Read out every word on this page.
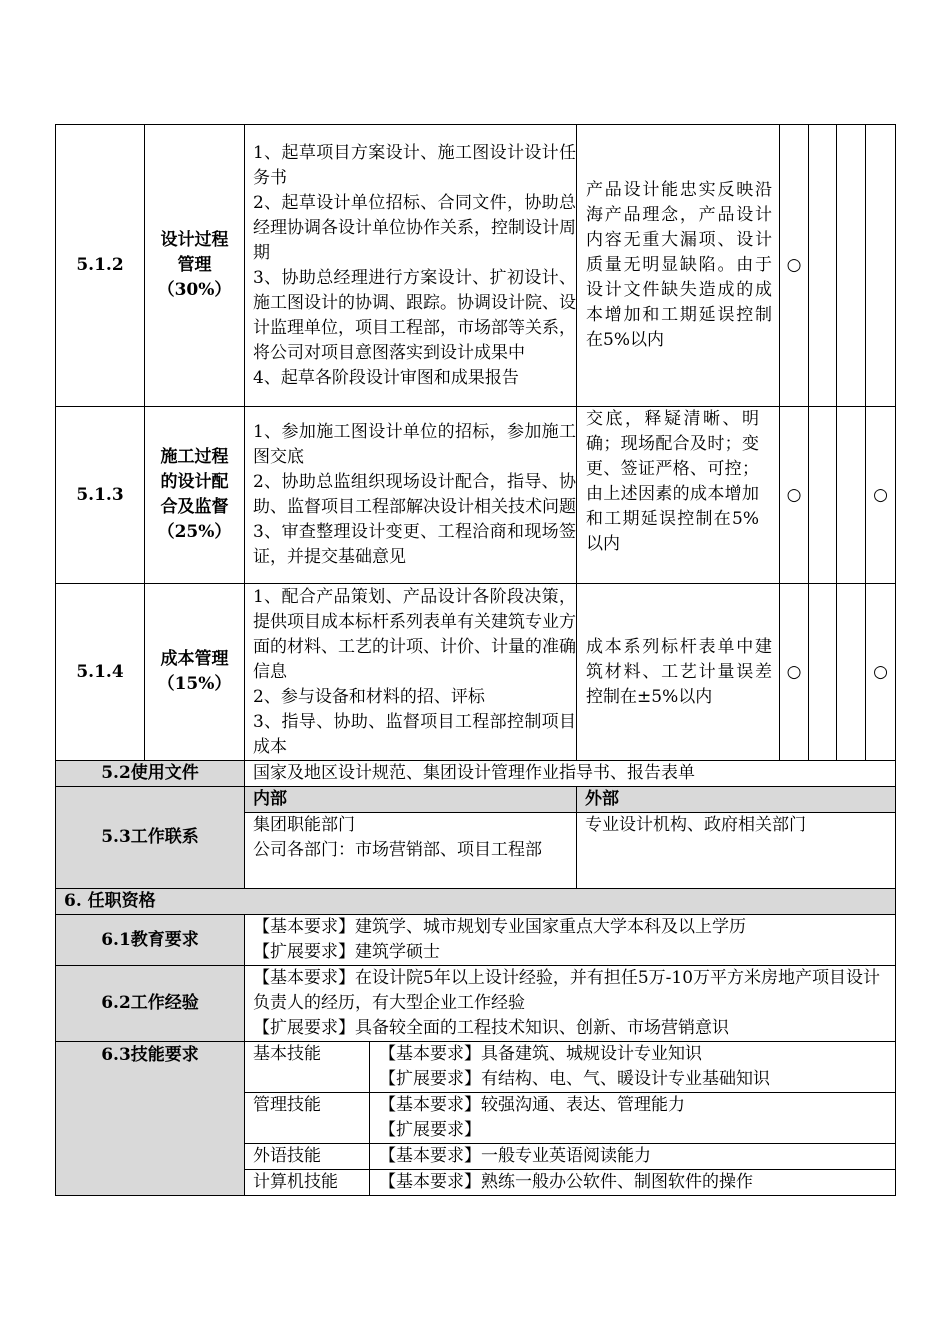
5.1.2	设计过程
管理
（30%）	1、起草项目方案设计、施工图设计设计任务书
2、起草设计单位招标、合同文件，协助总经理协调各设计单位协作关系，控制设计周期
3、协助总经理进行方案设计、扩初设计、施工图设计的协调、跟踪。协调设计院、设计监理单位，项目工程部，市场部等关系，将公司对项目意图落实到设计成果中
4、起草各阶段设计审图和成果报告		产品设计能忠实反映沿海产品理念，产品设计内容无重大漏项、设计质量无明显缺陷。由于设计文件缺失造成的成本增加和工期延误控制在5%以内	○			
5.1.3	施工过程
的设计配
合及监督
（25%）	1、参加施工图设计单位的招标，参加施工图交底
2、协助总监组织现场设计配合，指导、协助、监督项目工程部解决设计相关技术问题
3、审查整理设计变更、工程洽商和现场签证，并提交基础意见		交底，释疑清晰、明确；现场配合及时；变更、签证严格、可控；由上述因素的成本增加和工期延误控制在5%以内	○			○
5.1.4	成本管理
（15%）	1、配合产品策划、产品设计各阶段决策，提供项目成本标杆系列表单有关建筑专业方面的材料、工艺的计项、计价、计量的准确信息
2、参与设备和材料的招、评标
3、指导、协助、监督项目工程部控制项目成本		成本系列标杆表单中建筑材料、工艺计量误差控制在±5%以内	○			○
5.2使用文件		国家及地区设计规范、集团设计管理作业指导书、报告表单						
5.3工作联系		内部		外部				

		集团职能部门
公司各部门：市场营销部、项目工程部		专业设计机构、政府相关部门				
6. 任职资格								
6.1教育要求		【基本要求】建筑学、城市规划专业国家重点大学本科及以上学历
【扩展要求】建筑学硕士						

6.2工作经验		【基本要求】在设计院5年以上设计经验，并有担任5万-10万平方米房地产项目设计负责人的经历，有大型企业工作经验
【扩展要求】具备较全面的工程技术知识、创新、市场营销意识						

6.3技能要求		基本技能	【基本要求】具备建筑、城规设计专业知识
【扩展要求】有结构、电、气、暖设计专业基础知识					

		管理技能	【基本要求】较强沟通、表达、管理能力
【扩展要求】					

		外语技能	【基本要求】一般专业英语阅读能力					

		计算机技能	【基本要求】熟练一般办公软件、制图软件的操作					
